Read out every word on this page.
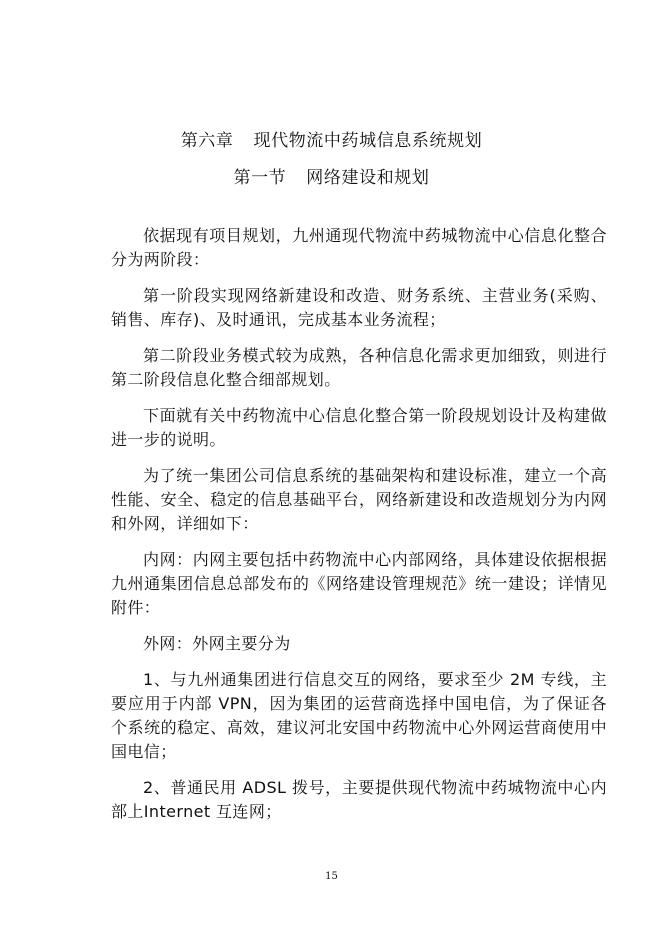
第六章 现代物流中药城信息系统规划
第一节 网络建设和规划

依据现有项目规划，九州通现代物流中药城物流中心信息化整合分为两阶段：

第一阶段实现网络新建设和改造、财务系统、主营业务(采购、销售、库存)、及时通讯，完成基本业务流程；

第二阶段业务模式较为成熟，各种信息化需求更加细致，则进行第二阶段信息化整合细部规划。

下面就有关中药物流中心信息化整合第一阶段规划设计及构建做进一步的说明。

为了统一集团公司信息系统的基础架构和建设标准，建立一个高性能、安全、稳定的信息基础平台，网络新建设和改造规划分为内网和外网，详细如下：

内网：内网主要包括中药物流中心内部网络，具体建设依据根据九州通集团信息总部发布的《网络建设管理规范》统一建设；详情见附件：

外网：外网主要分为

1、与九州通集团进行信息交互的网络，要求至少 2M 专线，主要应用于内部 VPN，因为集团的运营商选择中国电信，为了保证各个系统的稳定、高效，建议河北安国中药物流中心外网运营商使用中国电信；

2、普通民用 ADSL 拨号，主要提供现代物流中药城物流中心内部上Internet 互连网；

15
